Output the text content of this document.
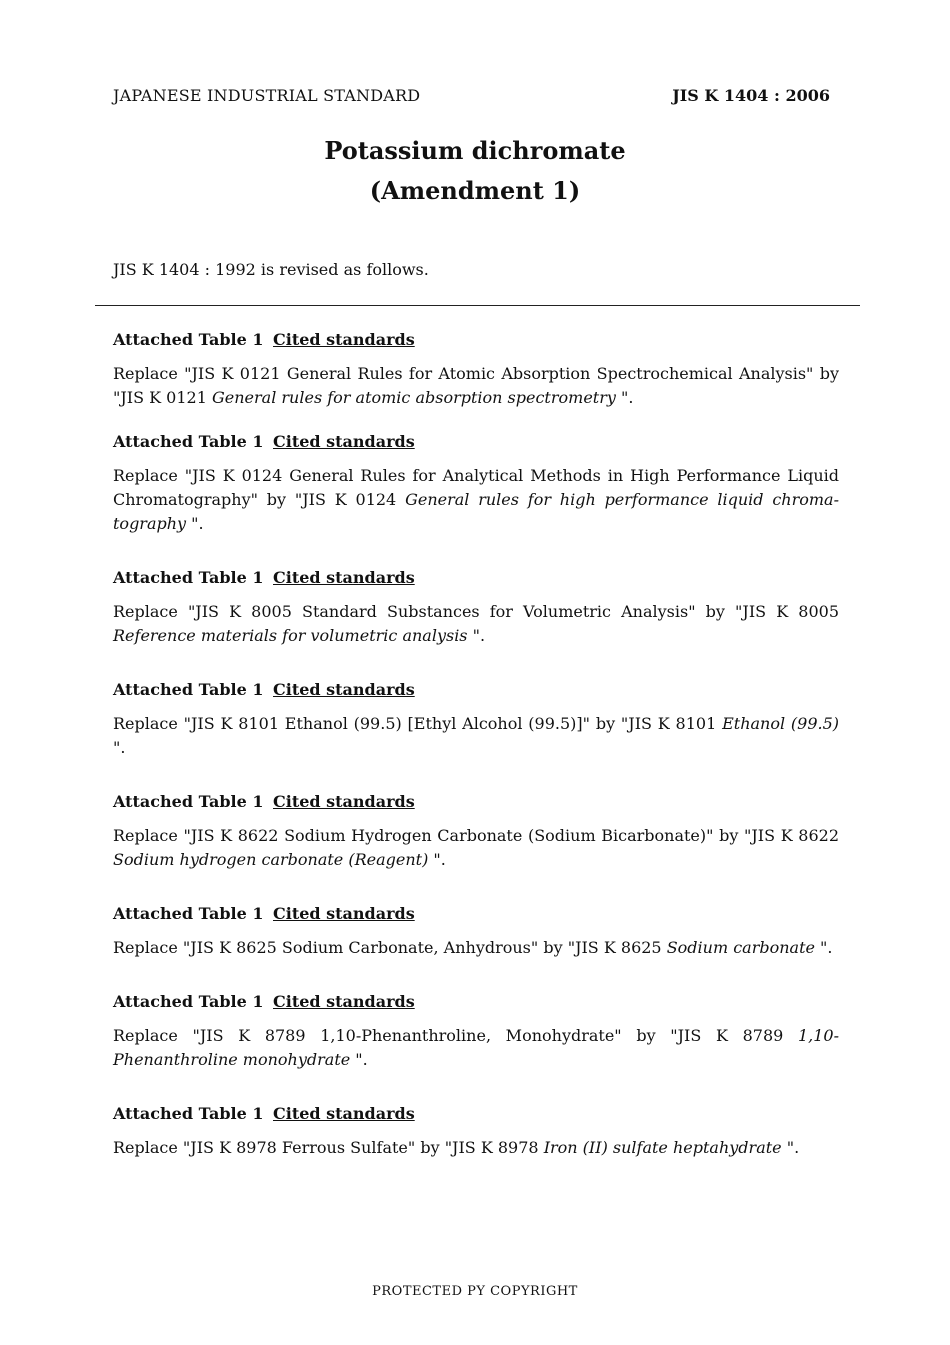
JAPANESE INDUSTRIAL STANDARD	JIS K 1404 : 2006
Potassium dichromate
(Amendment 1)
JIS K 1404 : 1992 is revised as follows.
Attached Table 1 Cited standards
Replace "JIS K 0121 General Rules for Atomic Absorption Spectrochemical Analysis" by "JIS K 0121 General rules for atomic absorption spectrometry ".
Attached Table 1 Cited standards
Replace "JIS K 0124 General Rules for Analytical Methods in High Performance Liquid Chromatography" by "JIS K 0124 General rules for high performance liquid chroma-tography ".
Attached Table 1 Cited standards
Replace "JIS K 8005 Standard Substances for Volumetric Analysis" by "JIS K 8005 Reference materials for volumetric analysis ".
Attached Table 1 Cited standards
Replace "JIS K 8101 Ethanol (99.5) [Ethyl Alcohol (99.5)]" by "JIS K 8101 Ethanol (99.5) ".
Attached Table 1 Cited standards
Replace "JIS K 8622 Sodium Hydrogen Carbonate (Sodium Bicarbonate)" by "JIS K 8622 Sodium hydrogen carbonate (Reagent) ".
Attached Table 1 Cited standards
Replace "JIS K 8625 Sodium Carbonate, Anhydrous" by "JIS K 8625 Sodium carbonate ".
Attached Table 1 Cited standards
Replace "JIS K 8789 1,10-Phenanthroline, Monohydrate" by "JIS K 8789 1,10-Phenanthroline monohydrate ".
Attached Table 1 Cited standards
Replace "JIS K 8978 Ferrous Sulfate" by "JIS K 8978 Iron (II) sulfate heptahydrate ".
PROTECTED PY COPYRIGHT
